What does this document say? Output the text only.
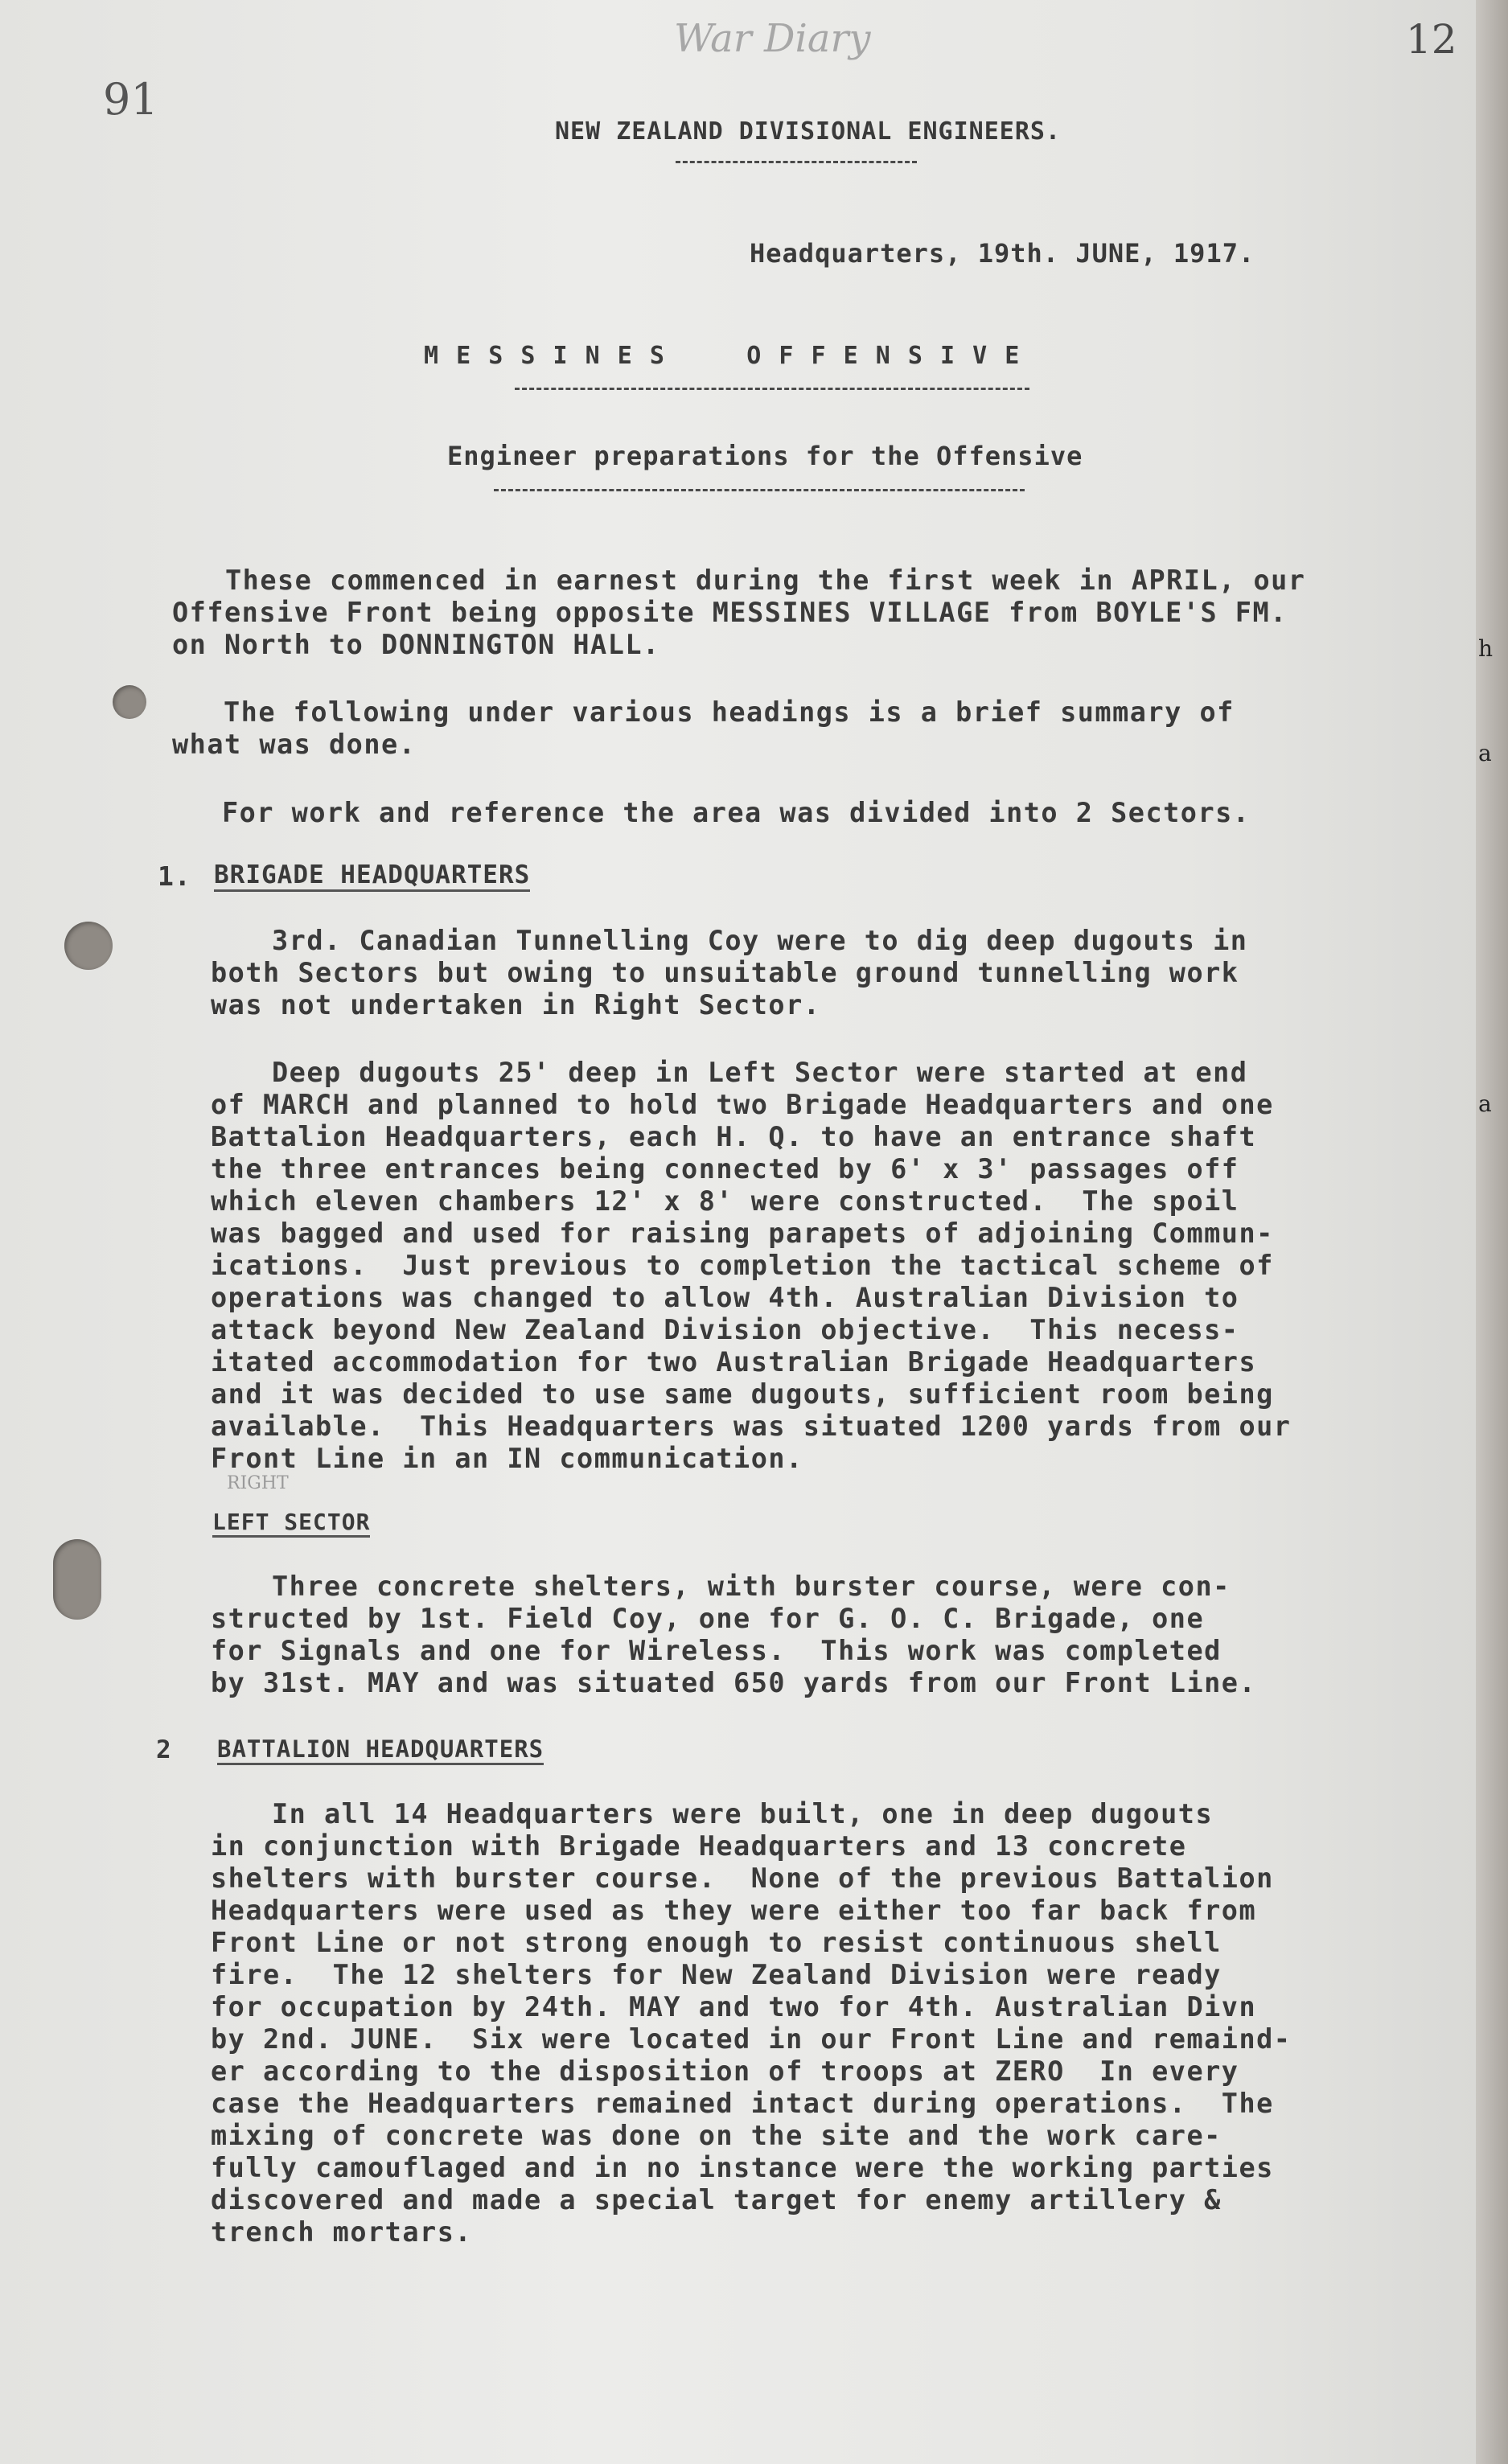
War Diary	12
91
NEW ZEALAND DIVISIONAL ENGINEERS.
Headquarters, 19th. JUNE, 1917.
M E S S I N E S     O F F E N S I V E
Engineer preparations for the Offensive
These commenced in earnest during the first week in APRIL, our
Offensive Front being opposite MESSINES VILLAGE from BOYLE'S FM.
on North to DONNINGTON HALL.
The following under various headings is a brief summary of
what was done.
For work and reference the area was divided into 2 Sectors.
1. BRIGADE HEADQUARTERS
3rd. Canadian Tunnelling Coy were to dig deep dugouts in
both Sectors but owing to unsuitable ground tunnelling work
was not undertaken in Right Sector.
Deep dugouts 25' deep in Left Sector were started at end
of MARCH and planned to hold two Brigade Headquarters and one
Battalion Headquarters, each H. Q. to have an entrance shaft
the three entrances being connected by 6' x 3' passages off
which eleven chambers 12' x 8' were constructed.  The spoil
was bagged and used for raising parapets of adjoining Commun-
ications.  Just previous to completion the tactical scheme of
operations was changed to allow 4th. Australian Division to
attack beyond New Zealand Division objective.  This necess-
itated accommodation for two Australian Brigade Headquarters
and it was decided to use same dugouts, sufficient room being
available.  This Headquarters was situated 1200 yards from our
Front Line in an IN communication.
RIGHT
LEFT SECTOR
Three concrete shelters, with burster course, were con-
structed by 1st. Field Coy, one for G. O. C. Brigade, one
for Signals and one for Wireless.  This work was completed
by 31st. MAY and was situated 650 yards from our Front Line.
2 BATTALION HEADQUARTERS
In all 14 Headquarters were built, one in deep dugouts
in conjunction with Brigade Headquarters and 13 concrete
shelters with burster course.  None of the previous Battalion
Headquarters were used as they were either too far back from
Front Line or not strong enough to resist continuous shell
fire.  The 12 shelters for New Zealand Division were ready
for occupation by 24th. MAY and two for 4th. Australian Divn
by 2nd. JUNE.  Six were located in our Front Line and remaind-
er according to the disposition of troops at ZERO  In every
case the Headquarters remained intact during operations.  The
mixing of concrete was done on the site and the work care-
fully camouflaged and in no instance were the working parties
discovered and made a special target for enemy artillery &
trench mortars.
h
a
a
